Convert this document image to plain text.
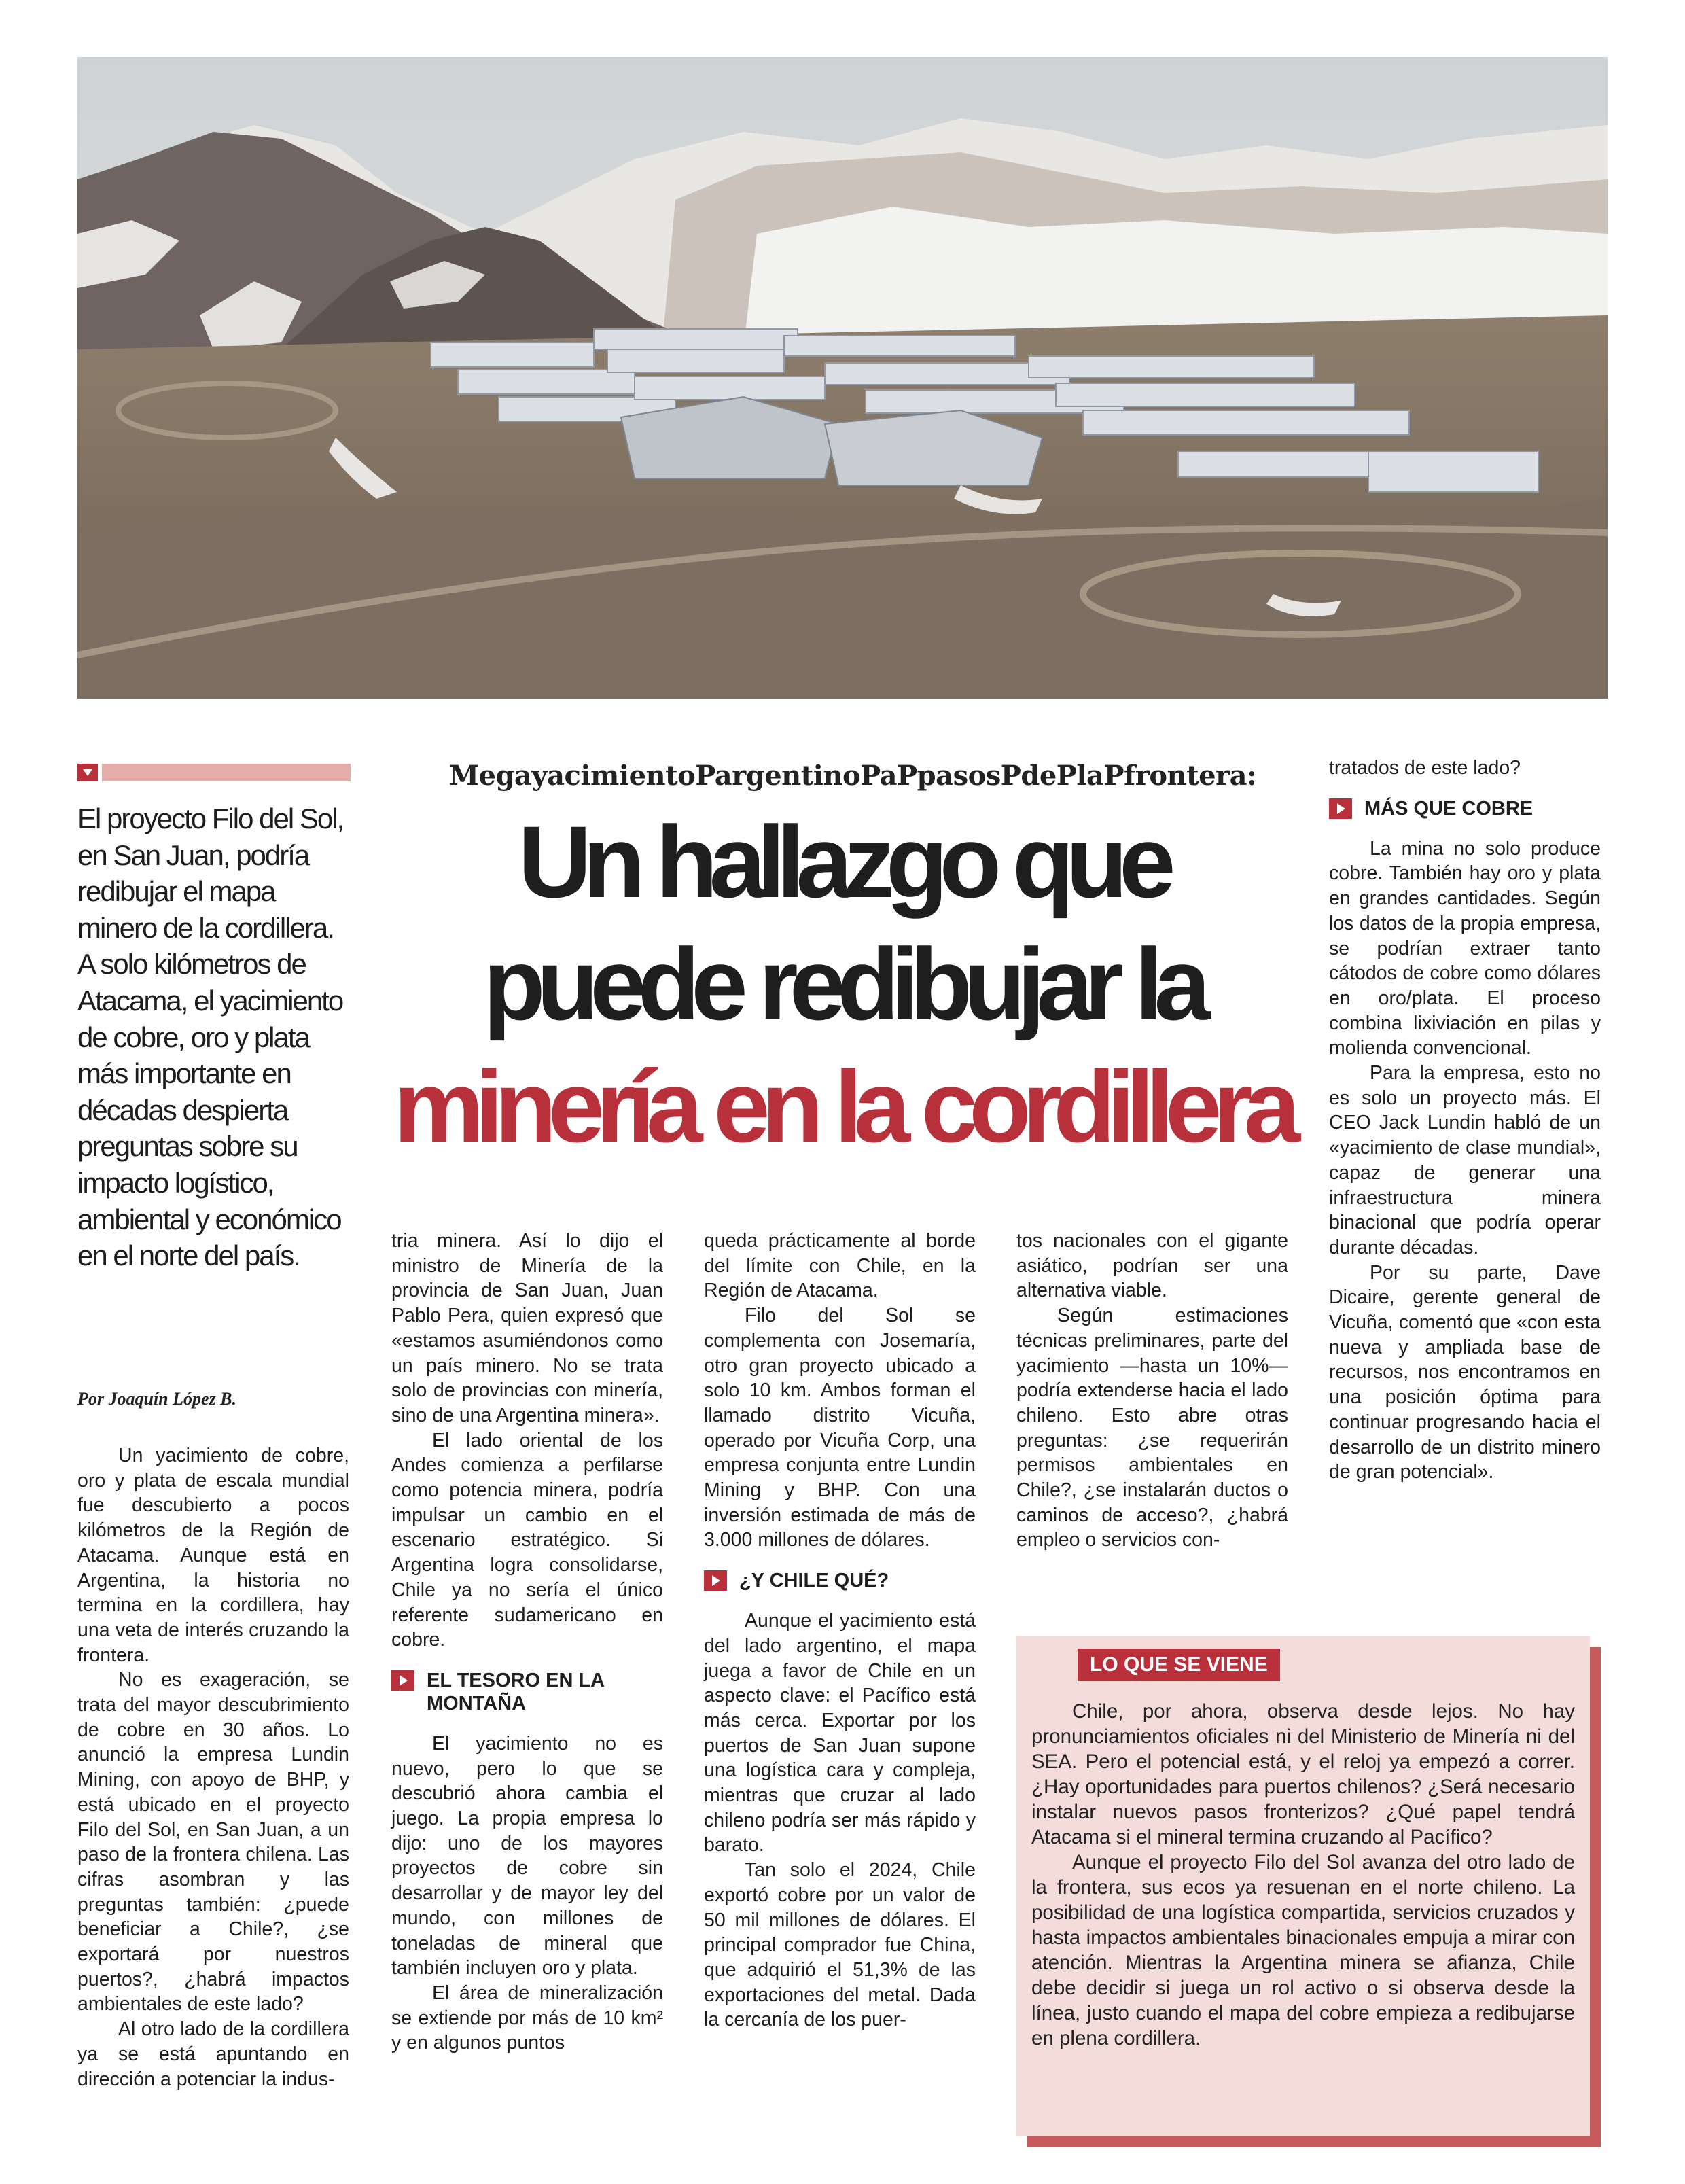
El proyecto Filo del Sol, en San Juan, podría redibujar el mapa minero de la cordillera. A solo kilómetros de Atacama, el yacimiento de cobre, oro y plata más importante en décadas despierta preguntas sobre su impacto logístico, ambiental y económico en el norte del país.
Por Joaquín López B.
MegayacimientoPargentinoPaPpasosPdePlaPfrontera:
Un hallazgo que
puede redibujar la
minería en la cordillera

Un yacimiento de cobre, oro y plata de escala mundial fue descubierto a pocos kilómetros de la Región de Atacama. Aunque está en Argentina, la historia no termina en la cordillera, hay una veta de interés cruzando la frontera.

No es exageración, se trata del mayor descubrimiento de cobre en 30 años. Lo anunció la empresa Lundin Mining, con apoyo de BHP, y está ubicado en el proyecto Filo del Sol, en San Juan, a un paso de la frontera chilena. Las cifras asombran y las preguntas también: ¿puede beneficiar a Chile?, ¿se exportará por nuestros puertos?, ¿habrá impactos ambientales de este lado?

Al otro lado de la cordillera ya se está apuntando en dirección a potenciar la indus-

tria minera. Así lo dijo el ministro de Minería de la provincia de San Juan, Juan Pablo Pera, quien expresó que «estamos asumiéndonos como un país minero. No se trata solo de provincias con minería, sino de una Argentina minera».

El lado oriental de los Andes comienza a perfilarse como potencia minera, podría impulsar un cambio en el escenario estratégico. Si Argentina logra consolidarse, Chile ya no sería el único referente sudamericano en cobre.

EL TESORO EN LA MONTAÑA

El yacimiento no es nuevo, pero lo que se descubrió ahora cambia el juego. La propia empresa lo dijo: uno de los mayores proyectos de cobre sin desarrollar y de mayor ley del mundo, con millones de toneladas de mineral que también incluyen oro y plata.

El área de mineralización se extiende por más de 10 km² y en algunos puntos

queda prácticamente al borde del límite con Chile, en la Región de Atacama.

Filo del Sol se complementa con Josemaría, otro gran proyecto ubicado a solo 10 km. Ambos forman el llamado distrito Vicuña, operado por Vicuña Corp, una empresa conjunta entre Lundin Mining y BHP. Con una inversión estimada de más de 3.000 millones de dólares.

¿Y CHILE QUÉ?

Aunque el yacimiento está del lado argentino, el mapa juega a favor de Chile en un aspecto clave: el Pacífico está más cerca. Exportar por los puertos de San Juan supone una logística cara y compleja, mientras que cruzar al lado chileno podría ser más rápido y barato.

Tan solo el 2024, Chile exportó cobre por un valor de 50 mil millones de dólares. El principal comprador fue China, que adquirió el 51,3% de las exportaciones del metal. Dada la cercanía de los puer-

tos nacionales con el gigante asiático, podrían ser una alternativa viable.

Según estimaciones técnicas preliminares, parte del yacimiento —hasta un 10%— podría extenderse hacia el lado chileno. Esto abre otras preguntas: ¿se requerirán permisos ambientales en Chile?, ¿se instalarán ductos o caminos de acceso?, ¿habrá empleo o servicios con-

tratados de este lado?

MÁS QUE COBRE

La mina no solo produce cobre. También hay oro y plata en grandes cantidades. Según los datos de la propia empresa, se podrían extraer tanto cátodos de cobre como dólares en oro/plata. El proceso combina lixiviación en pilas y molienda convencional.

Para la empresa, esto no es solo un proyecto más. El CEO Jack Lundin habló de un «yacimiento de clase mundial», capaz de generar una infraestructura minera binacional que podría operar durante décadas.

Por su parte, Dave Dicaire, gerente general de Vicuña, comentó que «con esta nueva y ampliada base de recursos, nos encontramos en una posición óptima para continuar progresando hacia el desarrollo de un distrito minero de gran potencial».

LO QUE SE VIENE

Chile, por ahora, observa desde lejos. No hay pronunciamientos oficiales ni del Ministerio de Minería ni del SEA. Pero el potencial está, y el reloj ya empezó a correr. ¿Hay oportunidades para puertos chilenos? ¿Será necesario instalar nuevos pasos fronterizos? ¿Qué papel tendrá Atacama si el mineral termina cruzando al Pacífico?

Aunque el proyecto Filo del Sol avanza del otro lado de la frontera, sus ecos ya resuenan en el norte chileno. La posibilidad de una logística compartida, servicios cruzados y hasta impactos ambientales binacionales empuja a mirar con atención. Mientras la Argentina minera se afianza, Chile debe decidir si juega un rol activo o si observa desde la línea, justo cuando el mapa del cobre empieza a redibujarse en plena cordillera.
